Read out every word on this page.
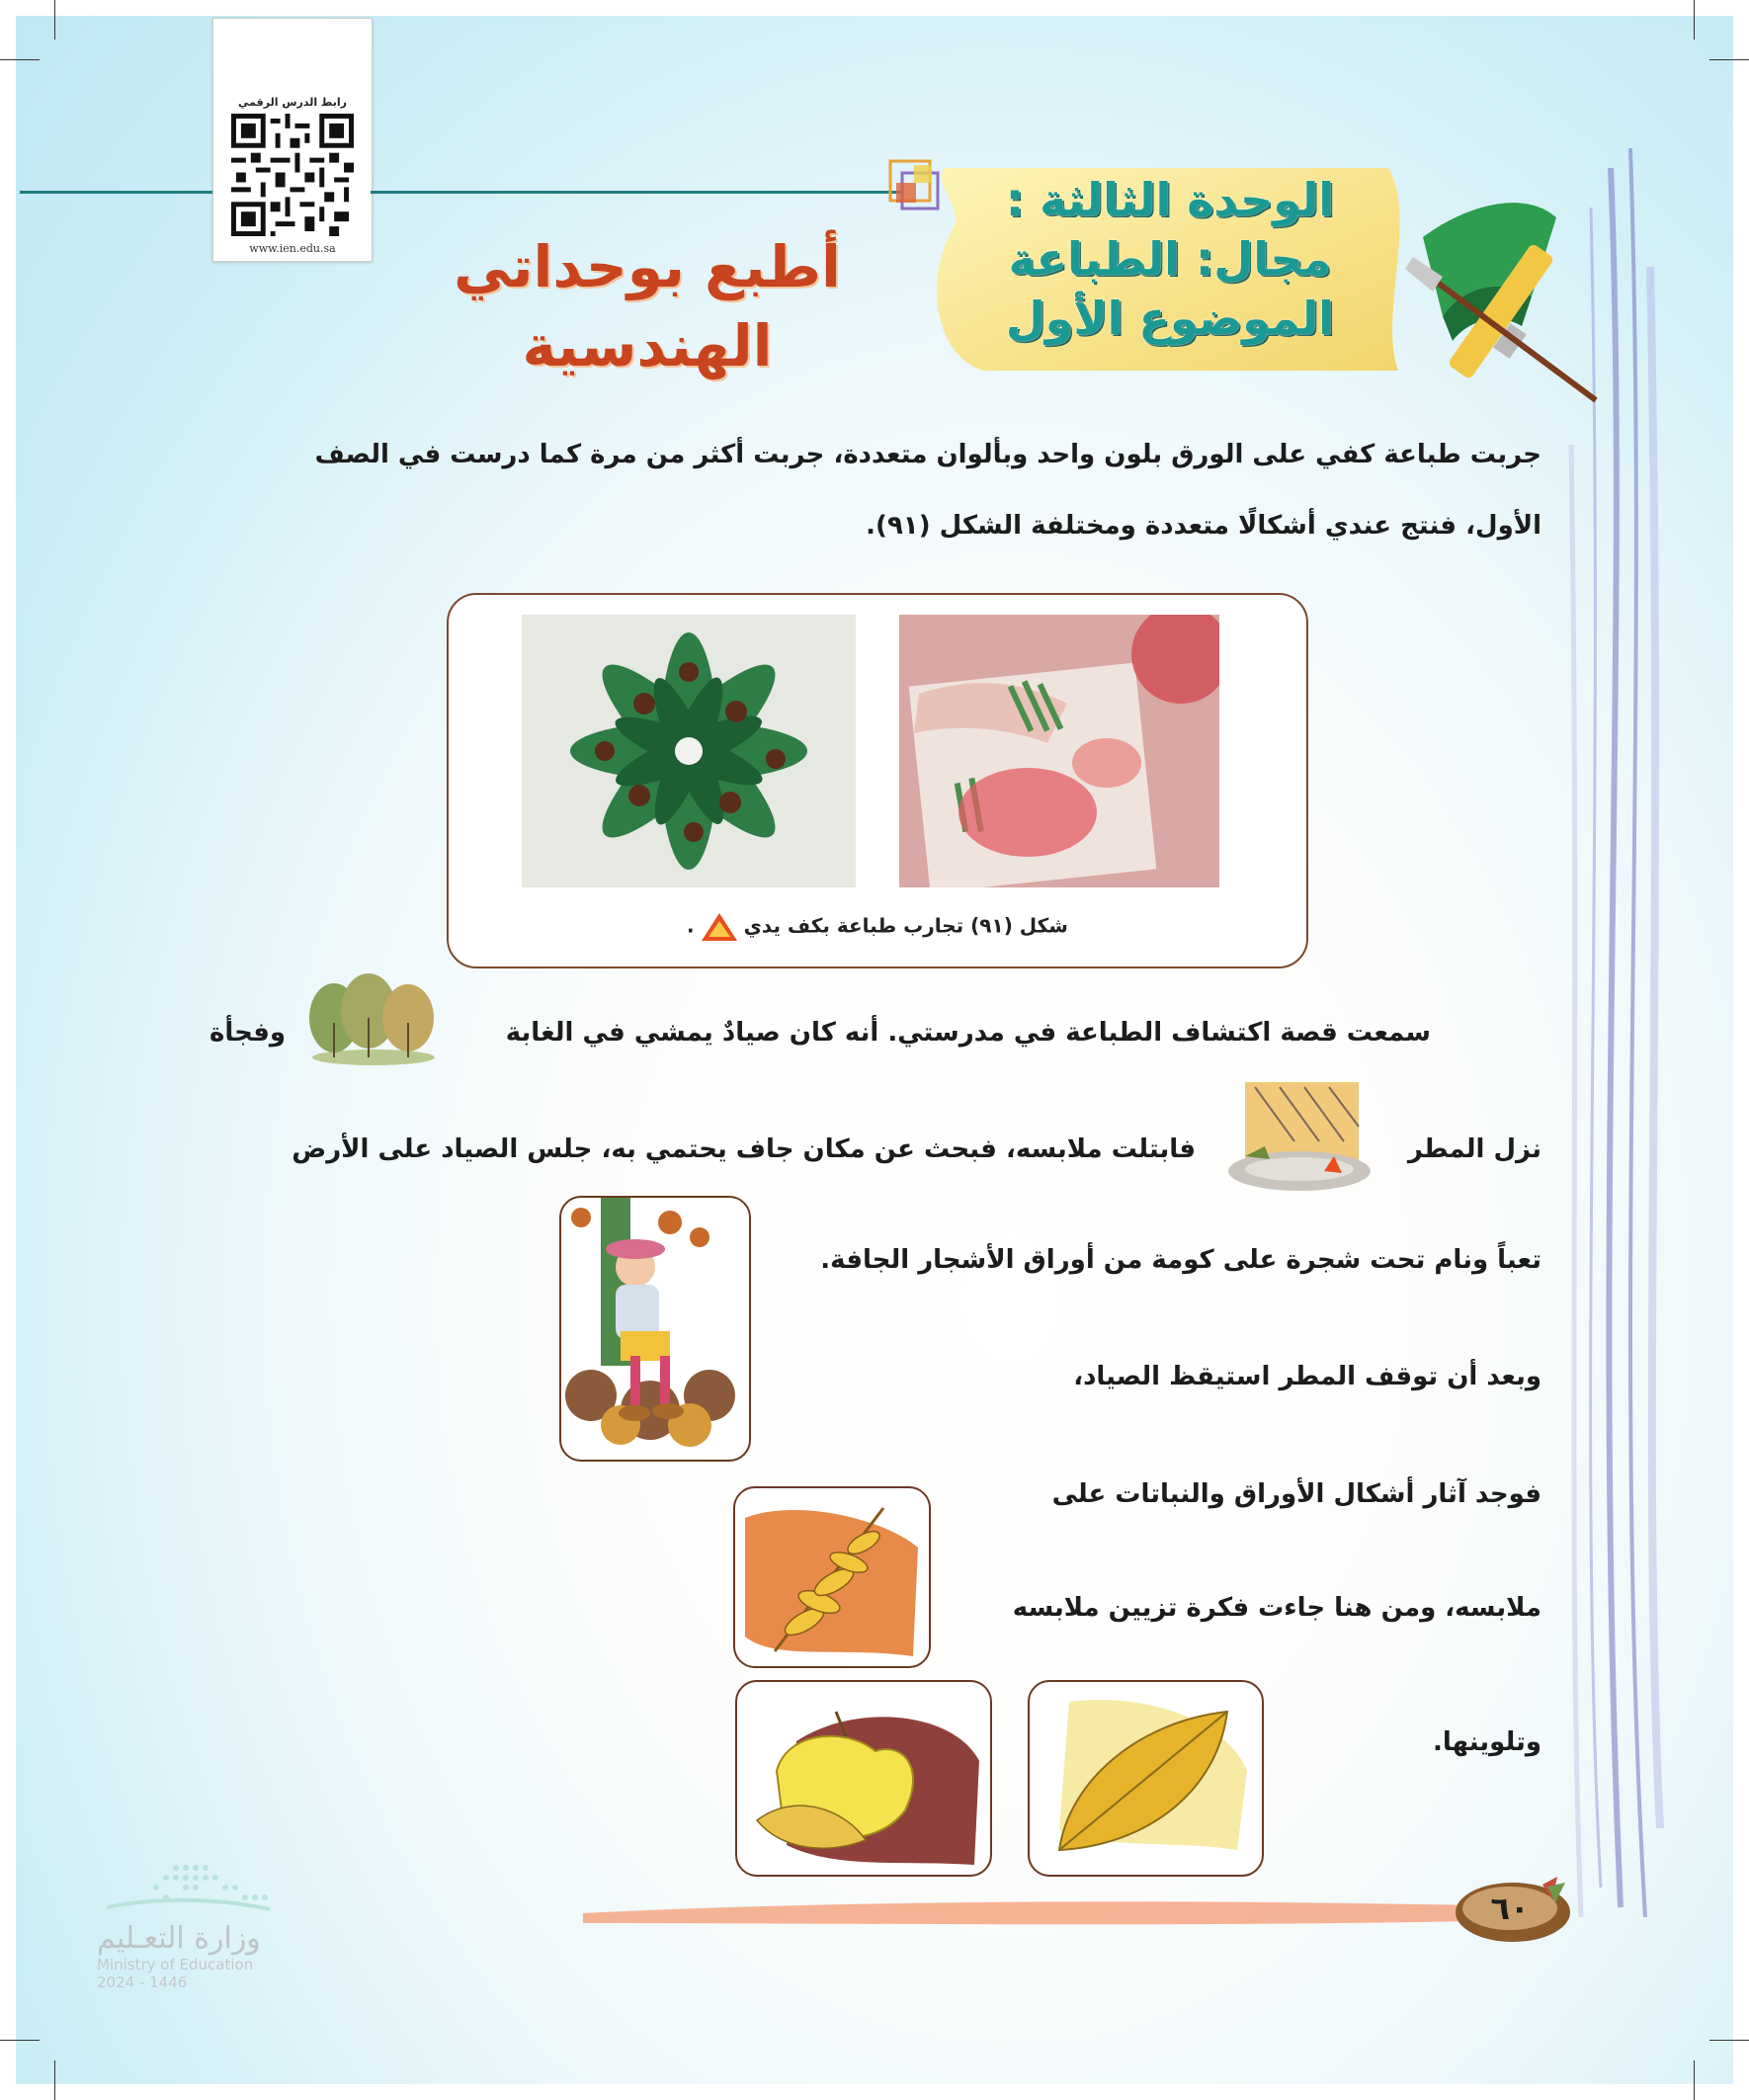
رابط الدرس الرقمي
www.ien.edu.sa
الوحدة الثالثة :
مجال: الطباعة
الموضوع الأول
أطبع بوحداتي
الهندسية
جربت طباعة كفي على الورق بلون واحد وبألوان متعددة، جربت أكثر من مرة كما درست في الصف
الأول، فنتج عندي أشكالًا متعددة ومختلفة الشكل (٩١).
شكل (٩١) تجارب طباعة بكف يدي  .
سمعت قصة اكتشاف الطباعة في مدرستي. أنه كان صيادٌ يمشي في الغابة
وفجأة
نزل المطر
فابتلت ملابسه، فبحث عن مكان جاف يحتمي به، جلس الصياد على الأرض
تعباً ونام تحت شجرة على كومة من أوراق الأشجار الجافة.
وبعد أن توقف المطر استيقظ الصياد،
فوجد آثار أشكال الأوراق والنباتات على
ملابسه، ومن هنا جاءت فكرة تزيين ملابسه
وتلوينها.
٦٠
وزارة التعـليم
Ministry of Education
2024 - 1446
